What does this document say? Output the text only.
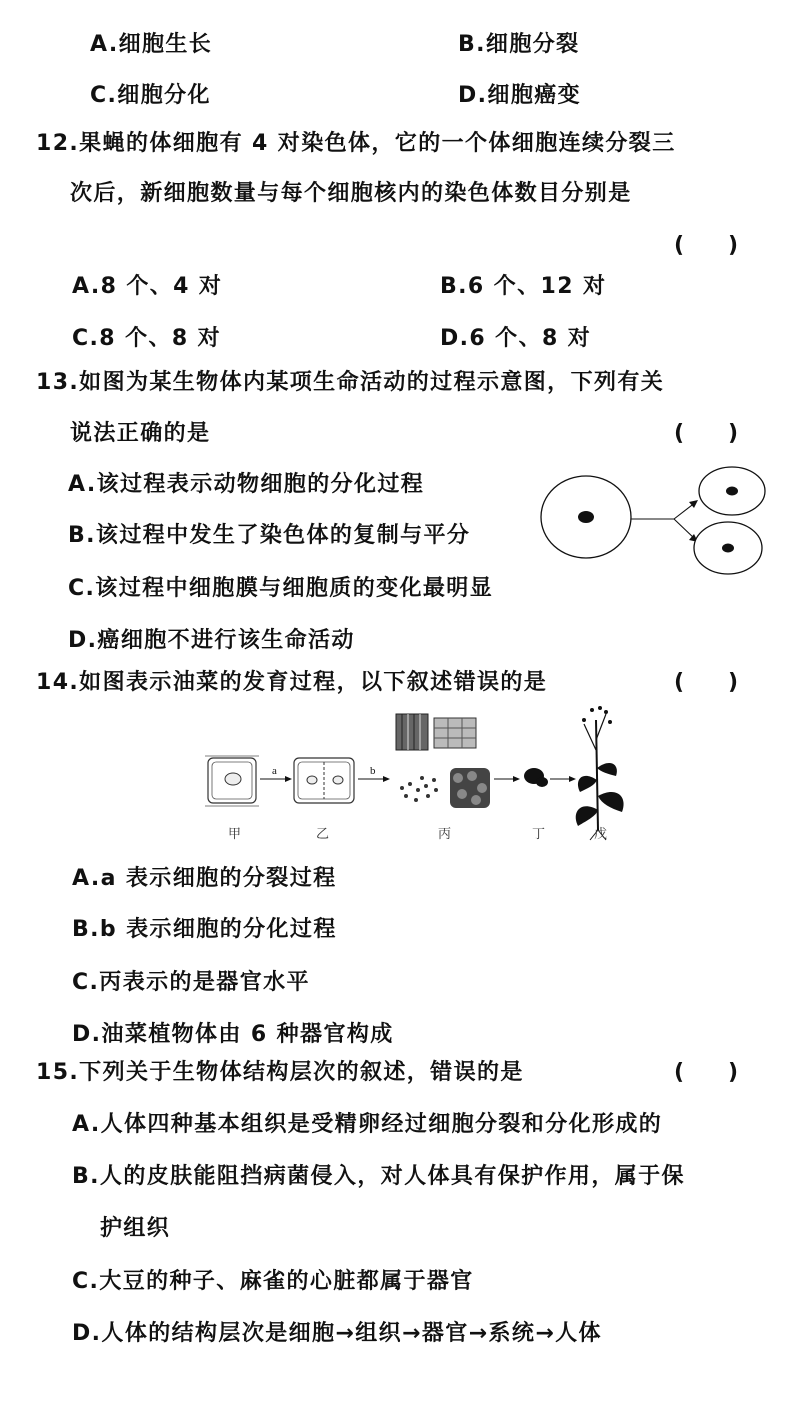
A.细胞生长	B.细胞分裂
C.细胞分化	D.细胞癌变
12.果蝇的体细胞有 4 对染色体，它的一个体细胞连续分裂三
次后，新细胞数量与每个细胞核内的染色体数目分别是
(　　)
A.8 个、4 对	B.6 个、12 对
C.8 个、8 对	D.6 个、8 对
13.如图为某生物体内某项生命活动的过程示意图，下列有关
说法正确的是	(　　)
A.该过程表示动物细胞的分化过程
B.该过程中发生了染色体的复制与平分
C.该过程中细胞膜与细胞质的变化最明显
D.癌细胞不进行该生命活动
14.如图表示油菜的发育过程，以下叙述错误的是	(　　)
a	b
甲	乙	丙	丁	戊
A.a 表示细胞的分裂过程
B.b 表示细胞的分化过程
C.丙表示的是器官水平
D.油菜植物体由 6 种器官构成
15.下列关于生物体结构层次的叙述，错误的是	(　　)
A.人体四种基本组织是受精卵经过细胞分裂和分化形成的
B.人的皮肤能阻挡病菌侵入，对人体具有保护作用，属于保
护组织
C.大豆的种子、麻雀的心脏都属于器官
D.人体的结构层次是细胞→组织→器官→系统→人体
